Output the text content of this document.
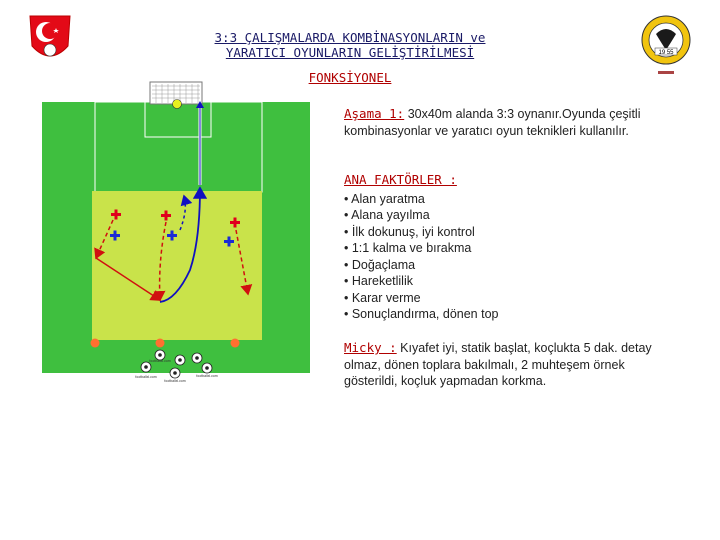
3:3 ÇALIŞMALARDA KOMBİNASYONLARIN ve
YARATICI OYUNLARIN GELİŞTİRİLMESİ
FONKSİYONEL
19 55
footballxl.com
footballxl.com	footballxl.com
footballxl.com
Aşama 1: 30x40m alanda 3:3 oynanır.Oyunda çeşitli kombinasyonlar ve yaratıcı oyun teknikleri kullanılır.
ANA FAKTÖRLER :
• Alan yaratma
• Alana yayılma
• İlk dokunuş, iyi kontrol
• 1:1 kalma ve bırakma
• Doğaçlama
• Hareketlilik
• Karar verme
• Sonuçlandırma, dönen top
Micky : Kıyafet iyi, statik başlat, koçlukta 5 dak. detay olmaz, dönen toplara bakılmalı, 2 muhteşem örnek gösterildi, koçluk yapmadan korkma.
